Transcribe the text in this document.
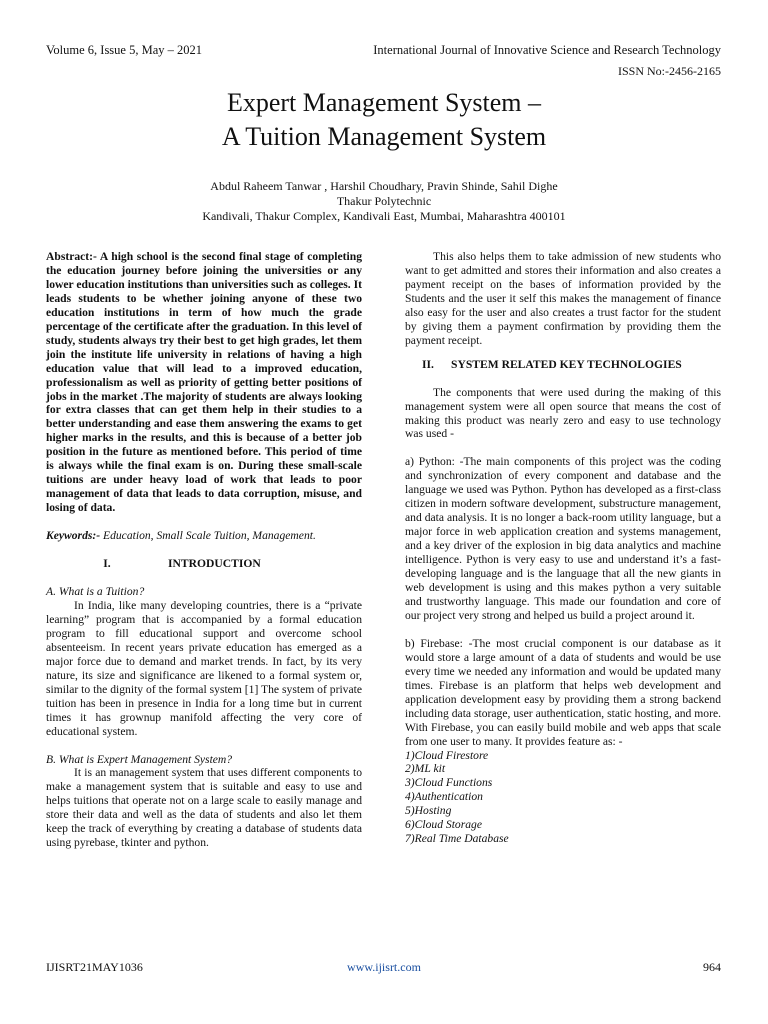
Volume 6, Issue 5, May – 2021	International Journal of Innovative Science and Research Technology
ISSN No:-2456-2165
Expert Management System –
A Tuition Management System
Abdul Raheem Tanwar , Harshil Choudhary, Pravin Shinde, Sahil Dighe
Thakur Polytechnic
Kandivali, Thakur Complex, Kandivali East, Mumbai, Maharashtra 400101

Abstract:- A high school is the second final stage of completing the education journey before joining the universities or any lower education institutions than universities such as colleges. It leads students to be whether joining anyone of these two education institutions in term of how much the grade percentage of the certificate after the graduation. In this level of study, students always try their best to get high grades, let them join the institute life university in relations of having a high education value that will lead to a improved education, professionalism as well as priority of getting better positions of jobs in the market .The majority of students are always looking for extra classes that can get them help in their studies to a better understanding and ease them answering the exams to get higher marks in the results, and this is because of a better job position in the future as mentioned before. This period of time is always while the final exam is on. During these small-scale tuitions are under heavy load of work that leads to poor management of data that leads to data corruption, misuse, and losing of data.

Keywords:- Education, Small Scale Tuition, Management.

I.	INTRODUCTION

A. What is a Tuition?

In India, like many developing countries, there is a “private learning” program that is accompanied by a formal education program to fill educational support and overcome school absenteeism. In recent years private education has emerged as a major force due to demand and market trends. In fact, by its very nature, its size and significance are likened to a formal system or, similar to the dignity of the formal system [1] The system of private tuition has been in presence in India for a long time but in current times it has grownup manifold affecting the very core of educational system.

B. What is Expert Management System?

It is an management system that uses different components to make a management system that is suitable and easy to use and helps tuitions that operate not on a large scale to easily manage and store their data and well as the data of students and also let them keep the track of everything by creating a database of students data using pyrebase, tkinter and python.

This also helps them to take admission of new students who want to get admitted and stores their information and also creates a payment receipt on the bases of information provided by the Students and the user it self this makes the management of finance also easy for the user and also creates a trust factor for the student by giving them a payment confirmation by providing them the payment receipt.

II.	SYSTEM RELATED KEY TECHNOLOGIES

The components that were used during the making of this management system were all open source that means the cost of making this product was nearly zero and easy to use technology was used -

a) Python: -The main components of this project was the coding and synchronization of every component and database and the language we used was Python. Python has developed as a first-class citizen in modern software development, substructure management, and data analysis. It is no longer a back-room utility language, but a major force in web application creation and systems management, and a key driver of the explosion in big data analytics and machine intelligence. Python is very easy to use and understand it’s a fast-developing language and is the language that all the new giants in web development is using and this makes python a very suitable and trustworthy language. This made our foundation and core of our project very strong and helped us build a project around it.

b) Firebase: -The most crucial component is our database as it would store a large amount of a data of students and would be use every time we needed any information and would be updated many times. Firebase is an platform that helps web development and application development easy by providing them a strong backend including data storage, user authentication, static hosting, and more. With Firebase, you can easily build mobile and web apps that scale from one user to many. It provides feature as: -

1)Cloud Firestore
2)ML kit
3)Cloud Functions
4)Authentication
5)Hosting
6)Cloud Storage
7)Real Time Database
IJISRT21MAY1036	www.ijisrt.com	964
